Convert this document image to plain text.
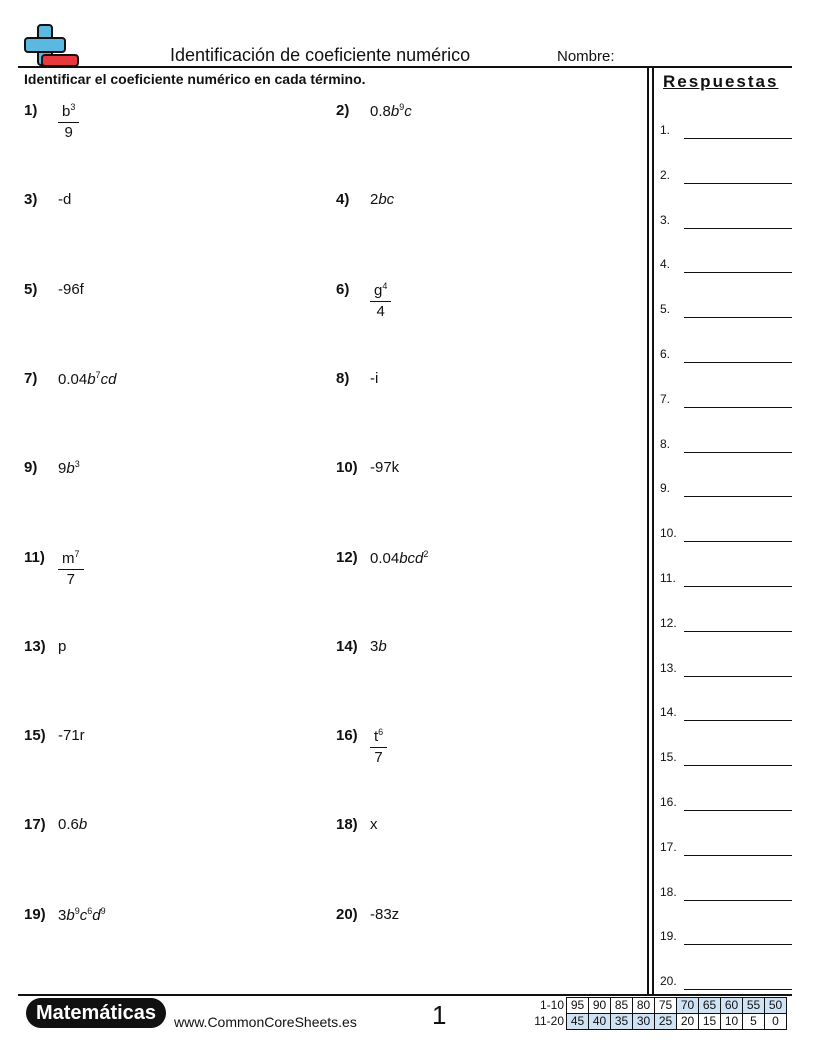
Identificación de coeficiente numérico	Nombre:
Identificar el coeficiente numérico en cada término.	Respuestas
$1) \frac{b^3}{9}$	2) $0.8b^9c$
3) -d	4) 2bc
5) -96f	$6) \frac{g^4}{4}$
7) $0.04b^7cd$	8) -i
9) $9b^3$	10) -97k
$11) \frac{m^7}{7}$	12) 0.04bcd$^2$
13) p	14) 3b
15) -71r	$16) \frac{t^6}{7}$
17) 0.6b	18) x
19) $3b^9c^6d^9$	20) -83z
1.
2.
3.
4.
5.
6.
7.
8.
9.
10.
11.
12.
13.
14.
15.
16.
17.
18.
19.
20.
Matemáticas	www.CommonCoreSheets.es	1	1-10	95	90	85	80	75	70	65	60	55	50
11-20	45	40	35	30	25	20	15	10	5	0
